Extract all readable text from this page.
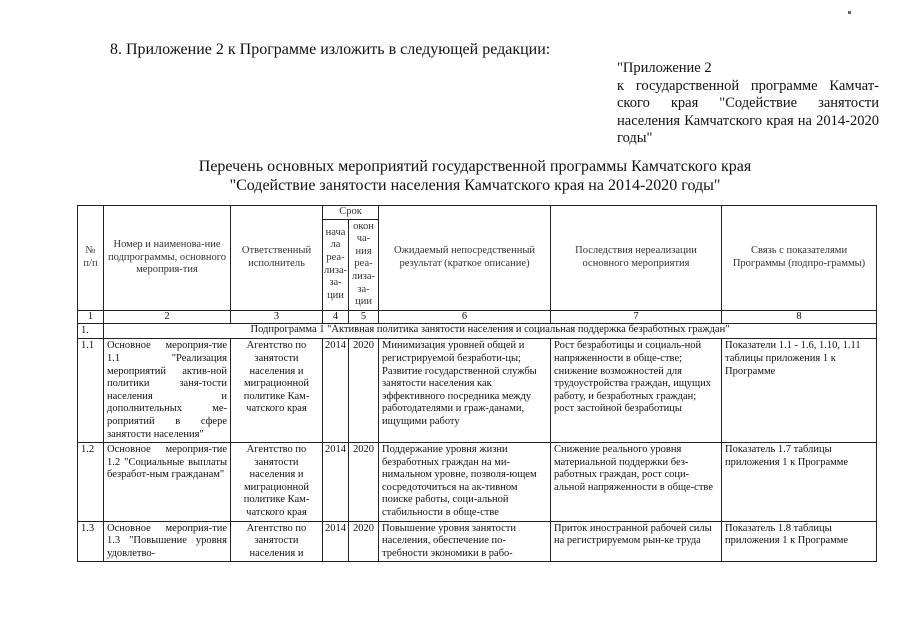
8. Приложение 2 к Программе изложить в следующей редакции:
"Приложение 2
к государственной программе Камчат-ского края "Содействие занятости населения Камчатского края на 2014-2020 годы"
Перечень основных мероприятий государственной программы Камчатского края
"Содействие занятости населения Камчатского края на 2014-2020 годы"
№ п/п	Номер и наименова-ние подпрограммы, основного мероприя-тия	Ответственный исполнитель	Срок		Ожидаемый непосредственный результат (краткое описание)	Последствия нереализации основного мероприятия	Связь с показателями Программы (подпро-граммы)
			нача ла реа-лиза-за-ции	окон ча-ния реа-лиза-за-ции			
1	2	3	4	5	6	7	8
1.	Подпрограмма 1 "Активная политика занятости населения и социальная поддержка безработных граждан"						
1.1	Основное мероприя-тие 1.1 "Реализация мероприятий актив-ной политики заня-тости населения и дополнительных ме-роприятий в сфере занятости населения"	Агентство по занятости населения и миграционной политике Кам-чатского края	2014	2020	Минимизация уровней общей и регистрируемой безработи-цы; Развитие государственной службы занятости населения как эффективного посредника между работодателями и граж-данами, ищущими работу	Рост безработицы и социаль-ной напряженности в обще-стве; снижение возможностей для трудоустройства граждан, ищущих работу, и безработных граждан; рост застойной безработицы	Показатели 1.1 - 1.6, 1.10, 1.11 таблицы приложения 1 к Программе
1.2	Основное мероприя-тие 1.2 "Социальные выплаты безработ-ным гражданам"	Агентство по занятости населения и миграционной политике Кам-чатского края	2014	2020	Поддержание уровня жизни безработных граждан на ми-нимальном уровне, позволя-ющем сосредоточиться на ак-тивном поиске работы, соци-альной стабильности в обще-стве	Снижение реального уровня материальной поддержки без-работных граждан, рост соци-альной напряженности в обще-стве	Показатель 1.7 таблицы приложения 1 к Программе
1.3	Основное мероприя-тие 1.3 "Повышение уровня удовлетво-	Агентство по занятости населения и	2014	2020	Повышение уровня занятости населения, обеспечение по-требности экономики в рабо-	Приток иностранной рабочей силы на регистрируемом рын-ке труда	Показатель 1.8 таблицы приложения 1 к Программе
